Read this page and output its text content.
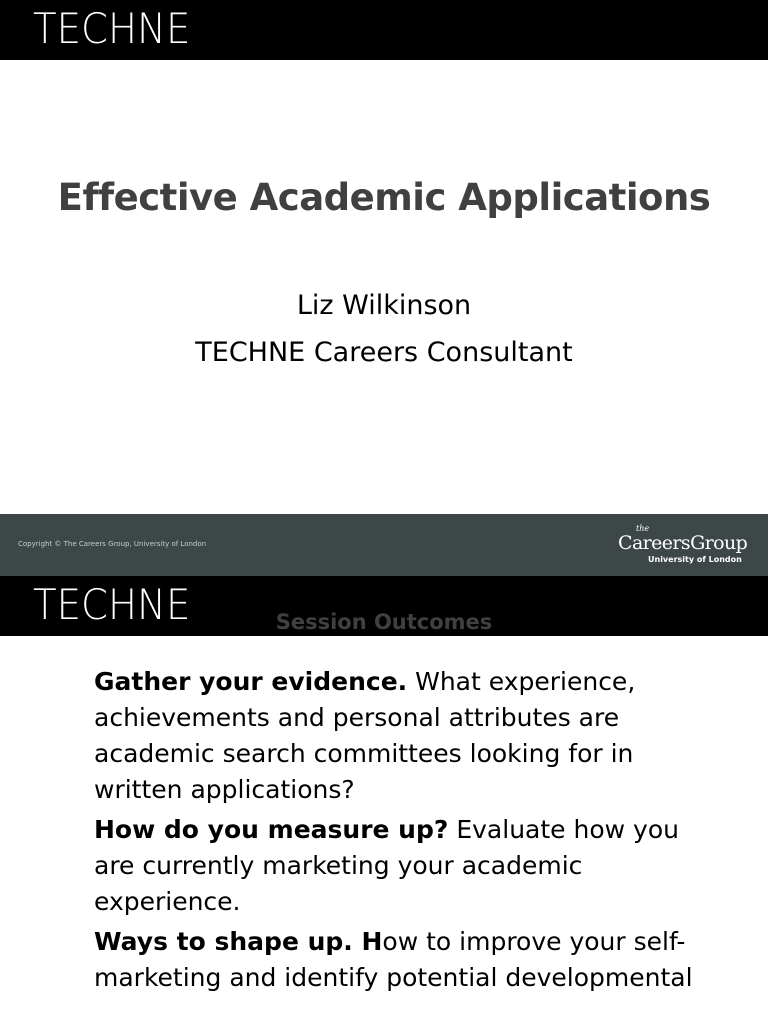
TECHNE
Effective Academic Applications
Liz Wilkinson
TECHNE Careers Consultant
Copyright © The Careers Group, University of London
the
CareersGroup
University of London
TECHNE	Session Outcomes

Gather your evidence. What experience, achievements and personal attributes are academic search committees looking for in written applications?

How do you measure up? Evaluate how you are currently marketing your academic experience.

Ways to shape up. How to improve your self-marketing and identify potential developmental
